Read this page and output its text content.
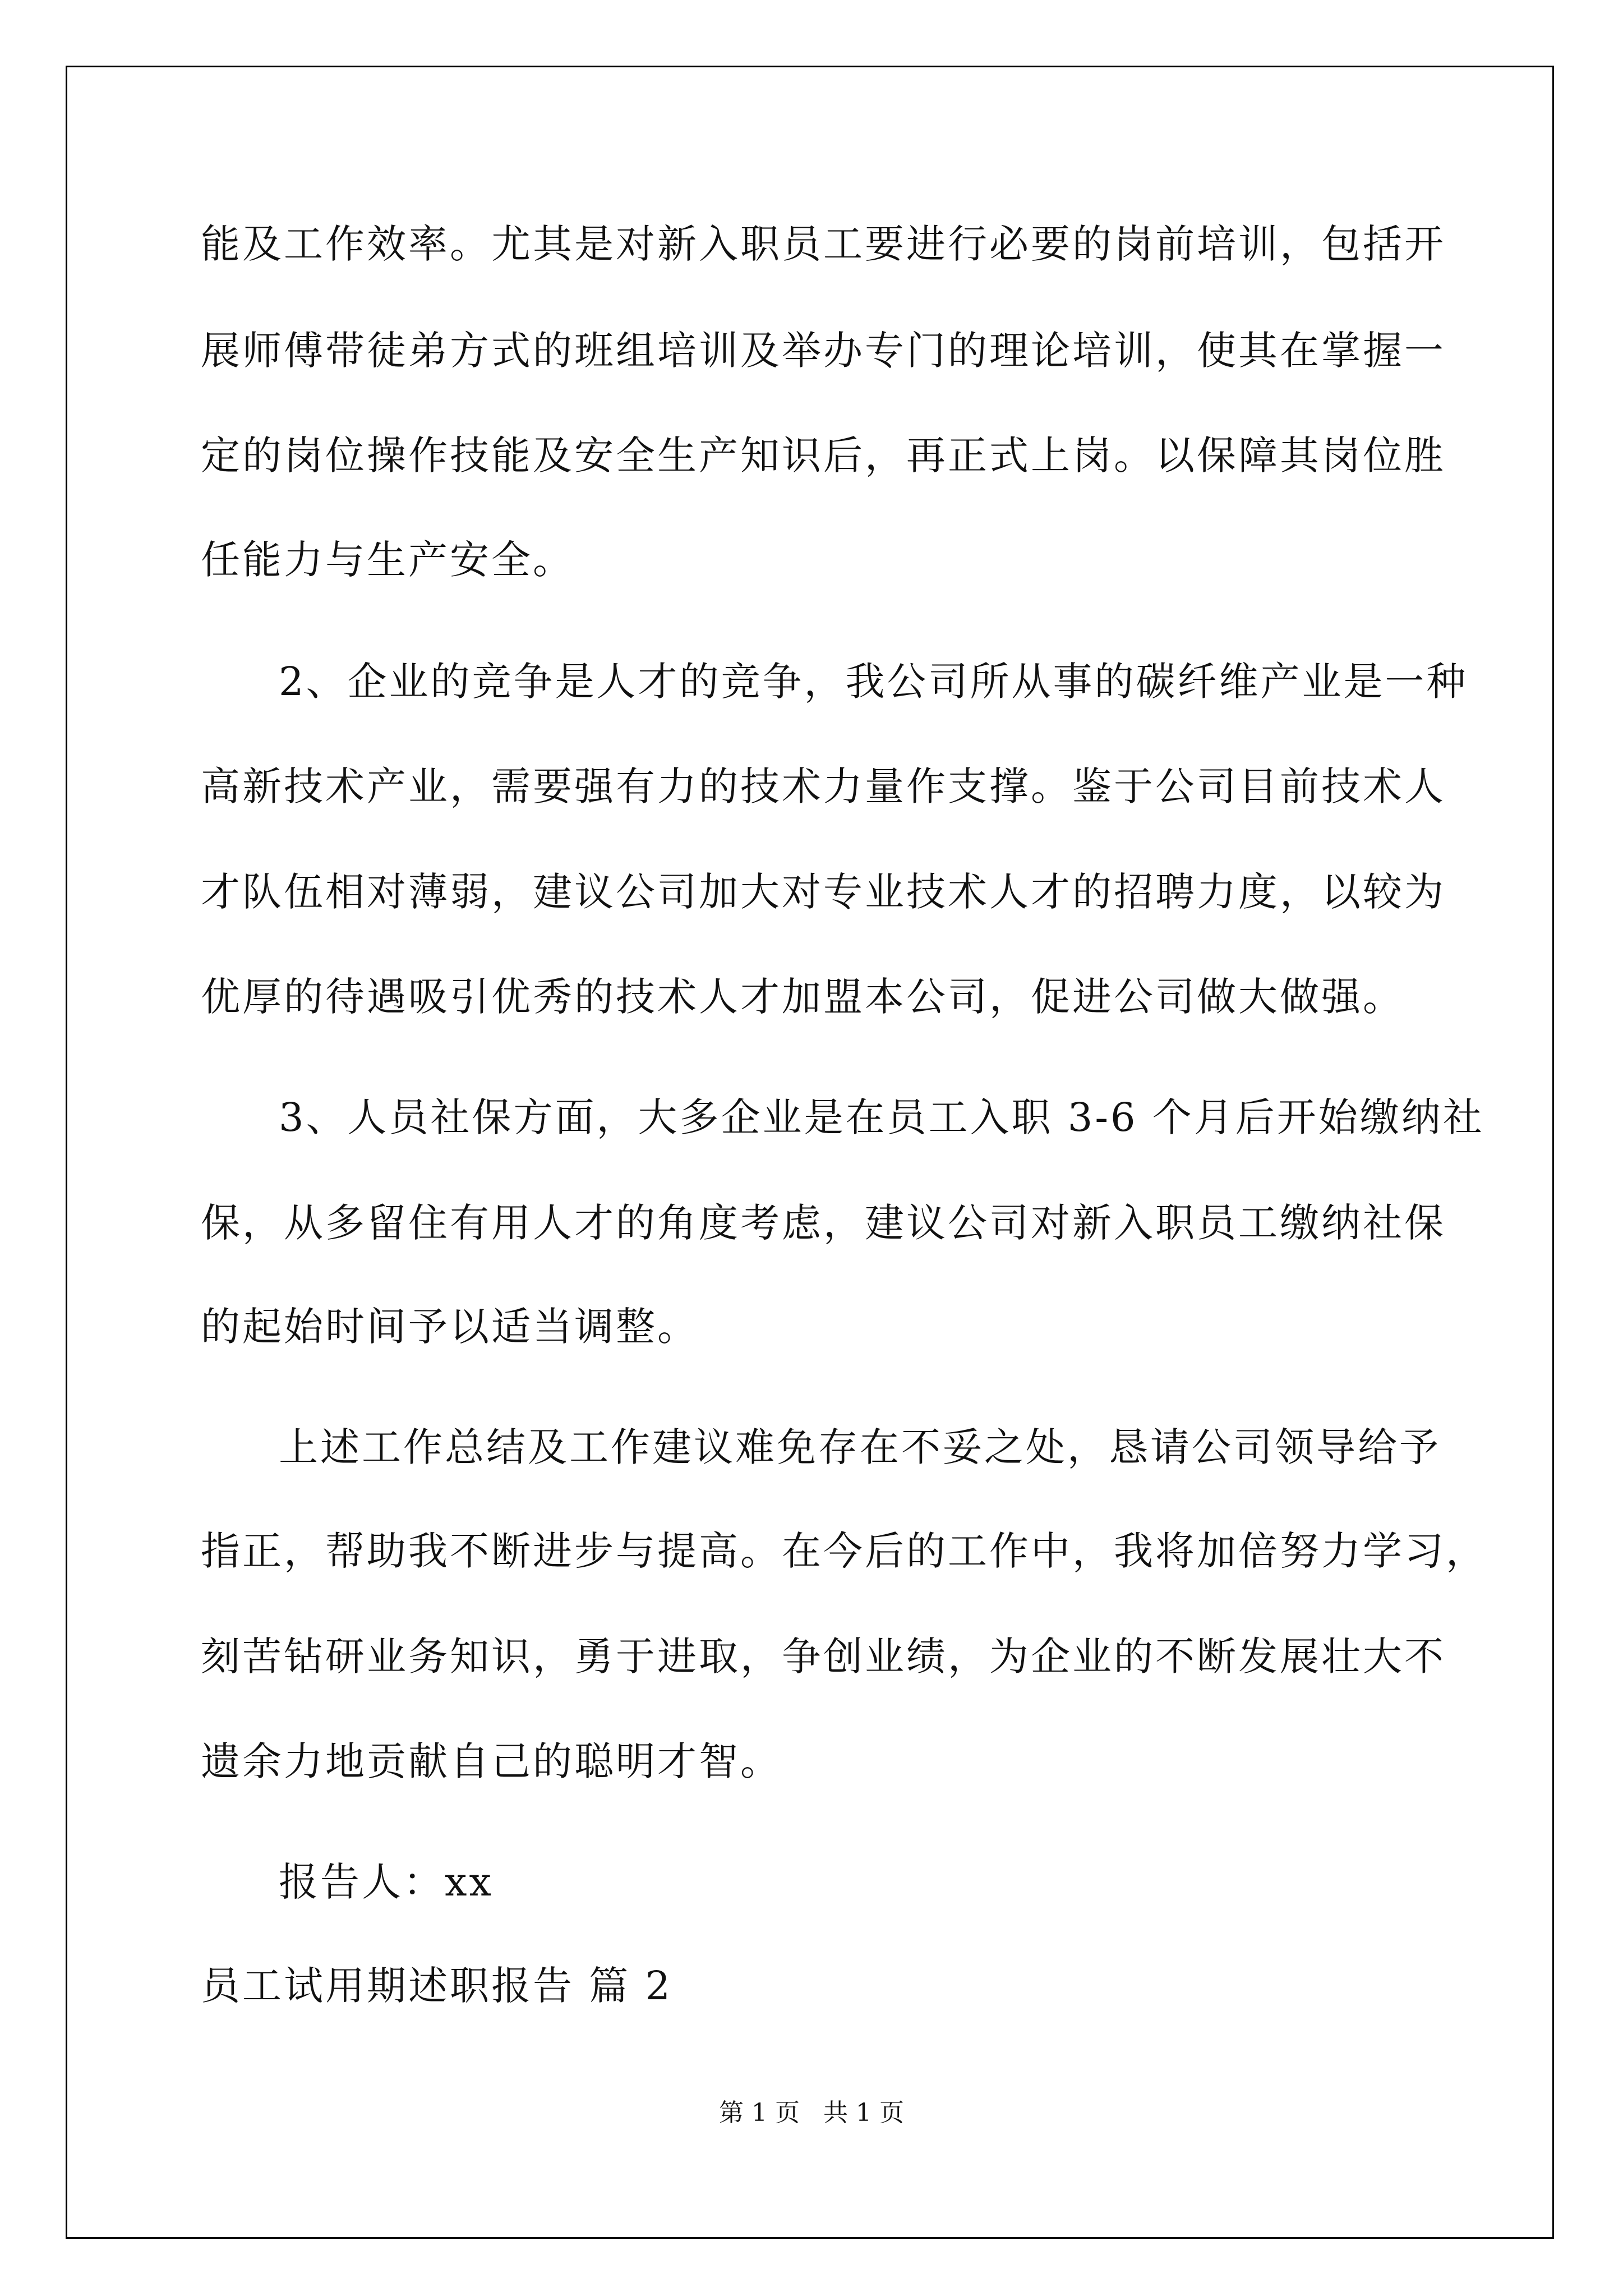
能及工作效率。尤其是对新入职员工要进行必要的岗前培训，包括开
展师傅带徒弟方式的班组培训及举办专门的理论培训，使其在掌握一
定的岗位操作技能及安全生产知识后，再正式上岗。以保障其岗位胜
任能力与生产安全。
2、企业的竞争是人才的竞争，我公司所从事的碳纤维产业是一种
高新技术产业，需要强有力的技术力量作支撑。鉴于公司目前技术人
才队伍相对薄弱，建议公司加大对专业技术人才的招聘力度，以较为
优厚的待遇吸引优秀的技术人才加盟本公司，促进公司做大做强。
3、人员社保方面，大多企业是在员工入职 3-6 个月后开始缴纳社
保，从多留住有用人才的角度考虑，建议公司对新入职员工缴纳社保
的起始时间予以适当调整。
上述工作总结及工作建议难免存在不妥之处，恳请公司领导给予
指正，帮助我不断进步与提高。在今后的工作中，我将加倍努力学习，
刻苦钻研业务知识，勇于进取，争创业绩，为企业的不断发展壮大不
遗余力地贡献自己的聪明才智。
报告人：xx
员工试用期述职报告 篇 2
第 1 页   共 1 页
